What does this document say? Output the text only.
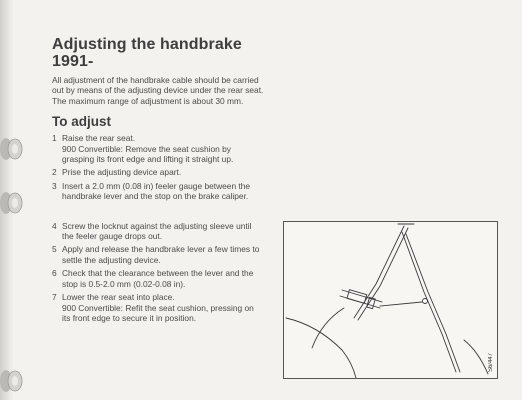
Adjusting the handbrake
1991-

All adjustment of the handbrake cable should be carried out by means of the adjusting device under the rear seat.

The maximum range of adjustment is about 30 mm.

To adjust
1 Raise the rear seat.
900 Convertible: Remove the seat cushion by grasping its front edge and lifting it straight up.
2 Prise the adjusting device apart.
3 Insert a 2.0 mm (0.08 in) feeler gauge between the handbrake lever and the stop on the brake caliper.
4 Screw the locknut against the adjusting sleeve until the feeler gauge drops out.
5 Apply and release the handbrake lever a few times to settle the adjusting device.
6 Check that the clearance between the lever and the stop is 0.5-2.0 mm (0.02-0.08 in).
7 Lower the rear seat into place.
900 Convertible: Refit the seat cushion, pressing on its front edge to secure it in position.
S6/447
